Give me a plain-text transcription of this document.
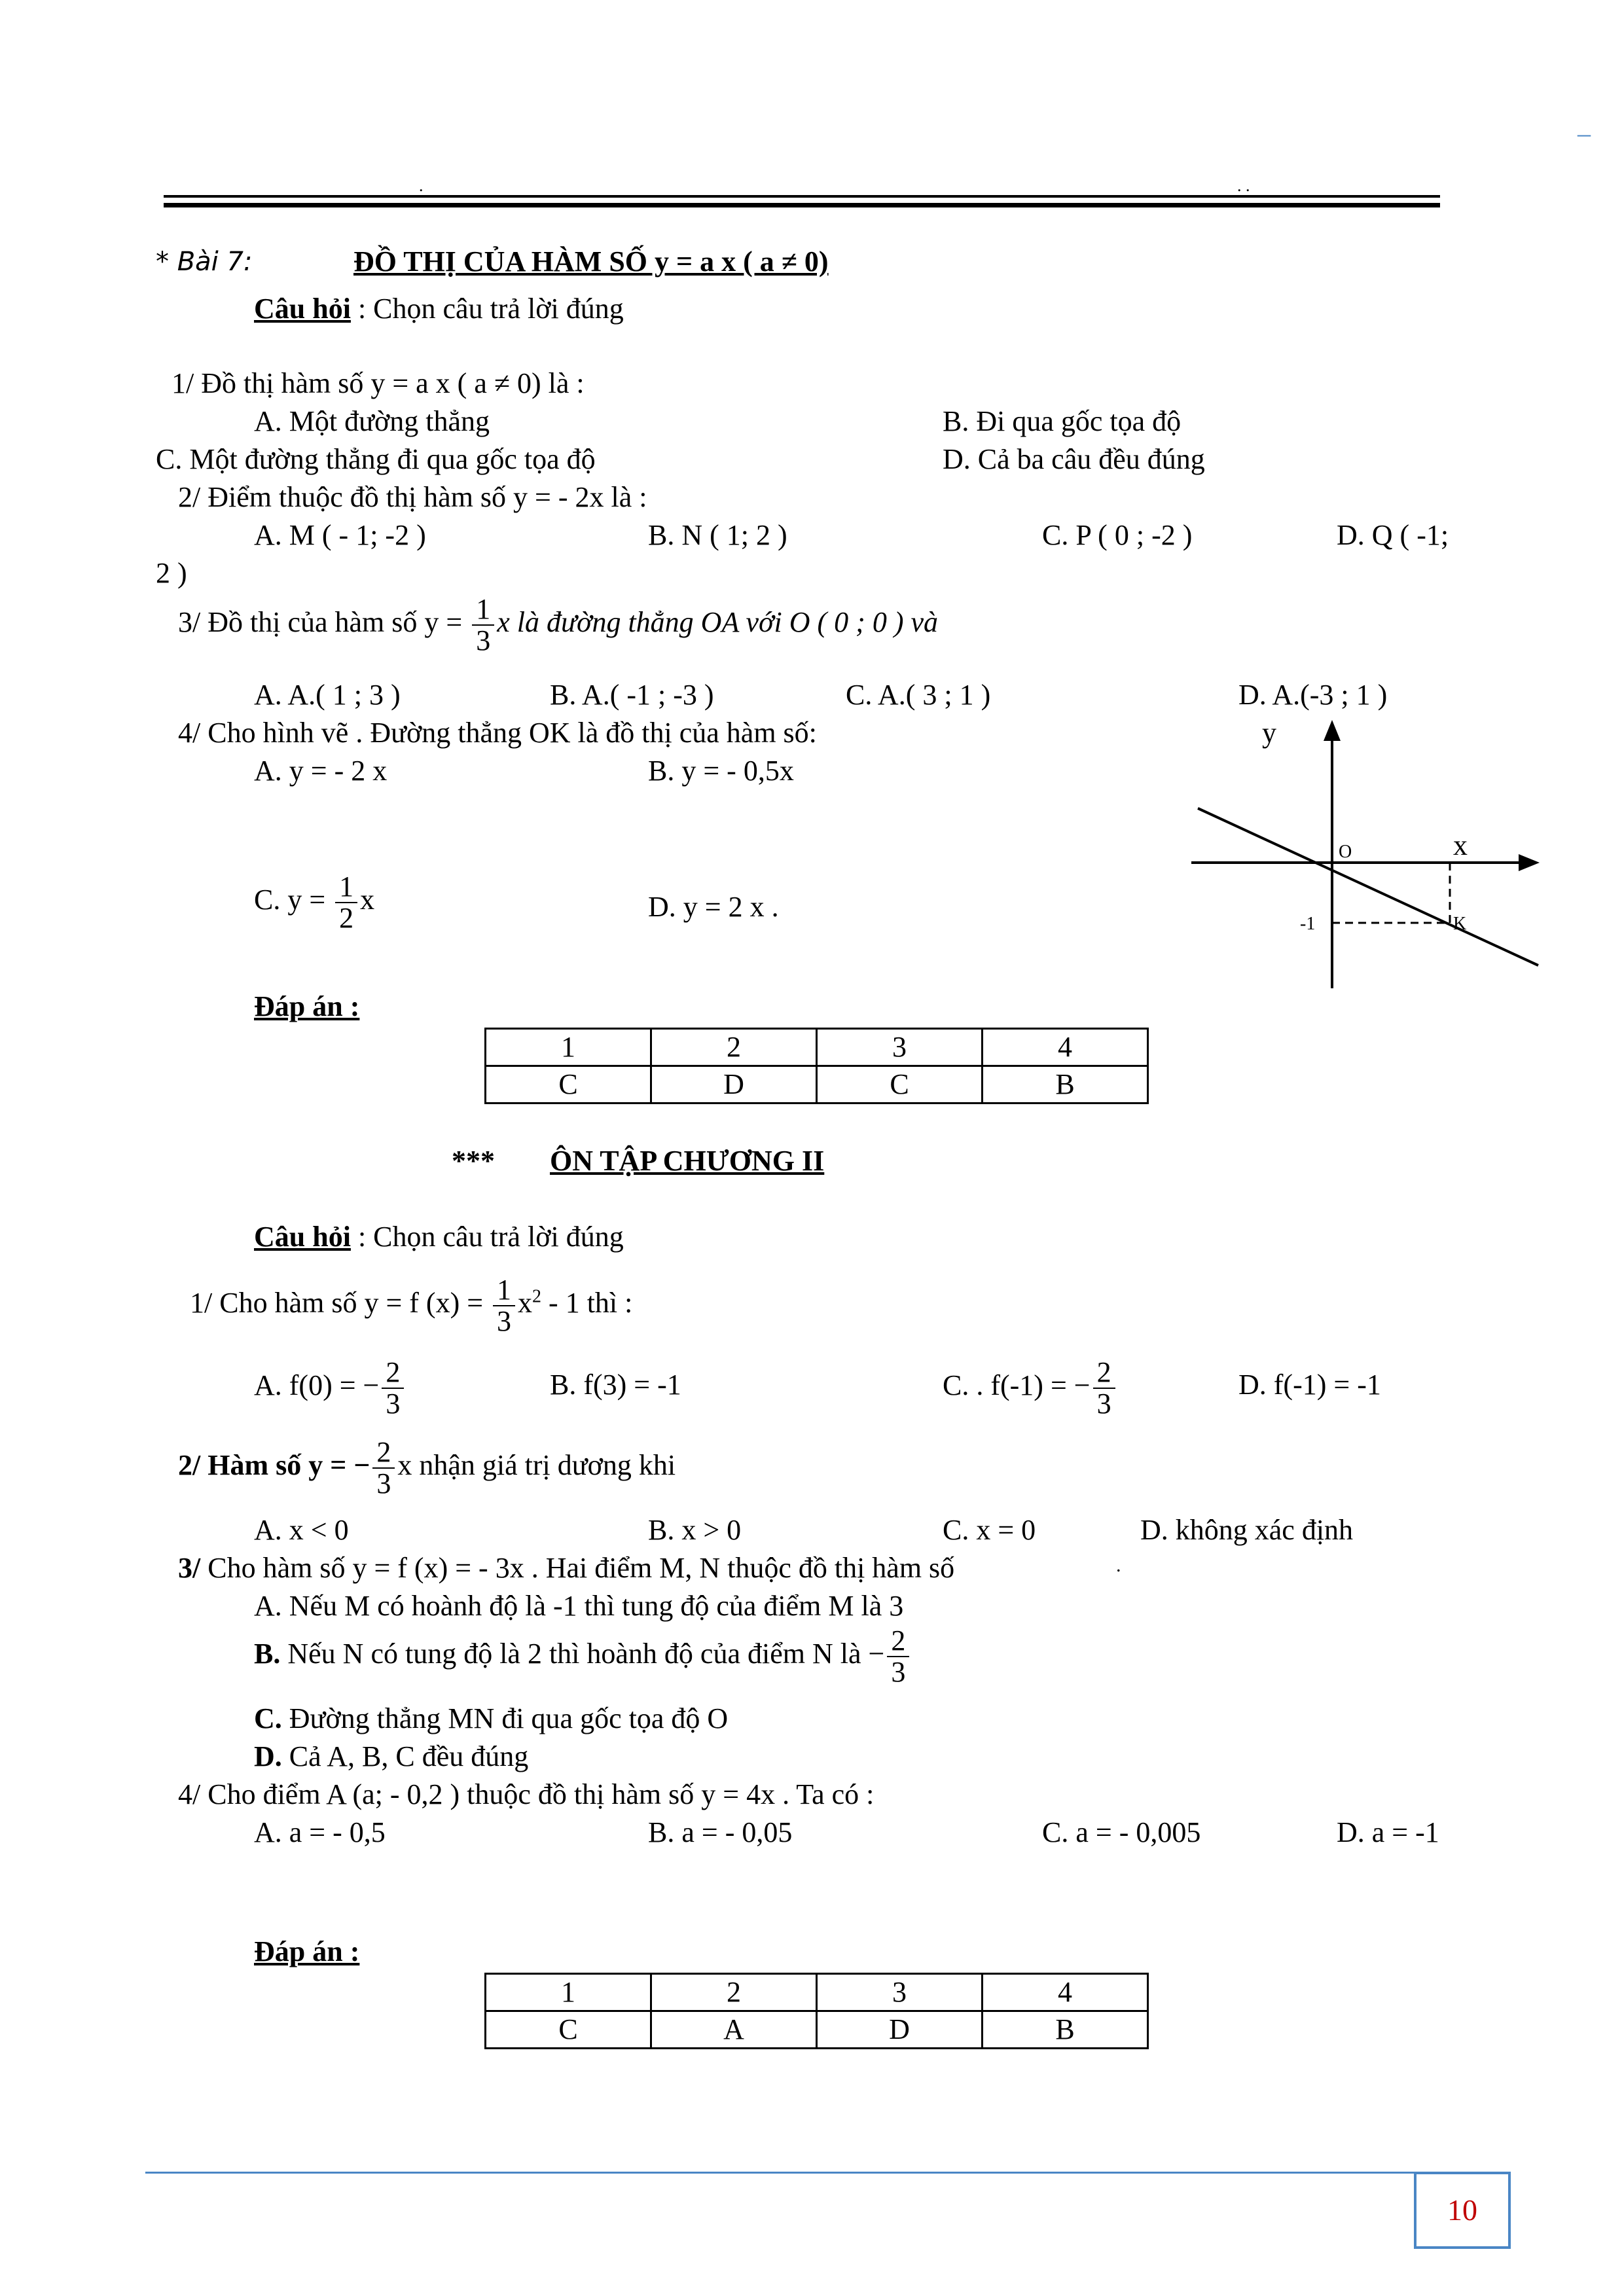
–
.	. .
* Bài 7:	ĐỒ THỊ CỦA HÀM SỐ y = a x ( a ≠ 0)
Câu hỏi : Chọn câu trả lời đúng
1/ Đồ thị hàm số y = a x ( a ≠ 0) là :
A. Một đường thẳng	B. Đi qua gốc tọa độ
C. Một đường thẳng đi qua gốc tọa độ	D. Cả ba câu đều đúng
2/ Điểm thuộc đồ thị hàm số y = - 2x là :
A. M ( - 1; -2 )	B. N ( 1; 2 )	C. P ( 0 ; -2 )	D. Q ( -1;
2 )
3/ Đồ thị của hàm số $y = \frac{1}{3}$ x là đường thẳng OA với O ( 0 ; 0 ) và
A. A.( 1 ; 3 )	B. A.( -1 ; -3 )	C. A.( 3 ; 1 )	D. A.(-3 ; 1 )
4/ Cho hình vẽ . Đường thẳng OK là đồ thị của hàm số:
A. y = - 2 x	B. y = - 0,5x
C. $y = \frac{1}{2}$ x	D. y = 2 x .
y
x
O
-1	K
Đáp án :
1	2	3	4
C	D	C	B
*** ÔN TẬP CHƯƠNG II
Câu hỏi : Chọn câu trả lời đúng
1/ Cho hàm số y = f $(x) = \frac{1}{3} x^2 - 1$ thì :
A. f(0) = − $\frac{2}{3}$	B. f(3) = -1	C. . f(-1) = − $\frac{2}{3}$	D. f(-1) = -1
2/ Hàm số y = − $\frac{2}{3}$ x nhận giá trị dương khi
A. x < 0	B. x > 0	C. x = 0	D. không xác định
3/ Cho hàm số y = f (x) = - 3x . Hai điểm M, N thuộc đồ thị hàm số	.
A. Nếu M có hoành độ là -1 thì tung độ của điểm M là 3
B. Nếu N có tung độ là 2 thì hoành độ của điểm N là − $\frac{2}{3}$
C. Đường thẳng MN đi qua gốc tọa độ O
D. Cả A, B, C đều đúng
4/ Cho điểm A (a; - 0,2 ) thuộc đồ thị hàm số y = 4x . Ta có :
A. a = - 0,5	B. a = - 0,05	C. a = - 0,005	D. a = -1
Đáp án :
1	2	3	4
C	A	D	B
10
